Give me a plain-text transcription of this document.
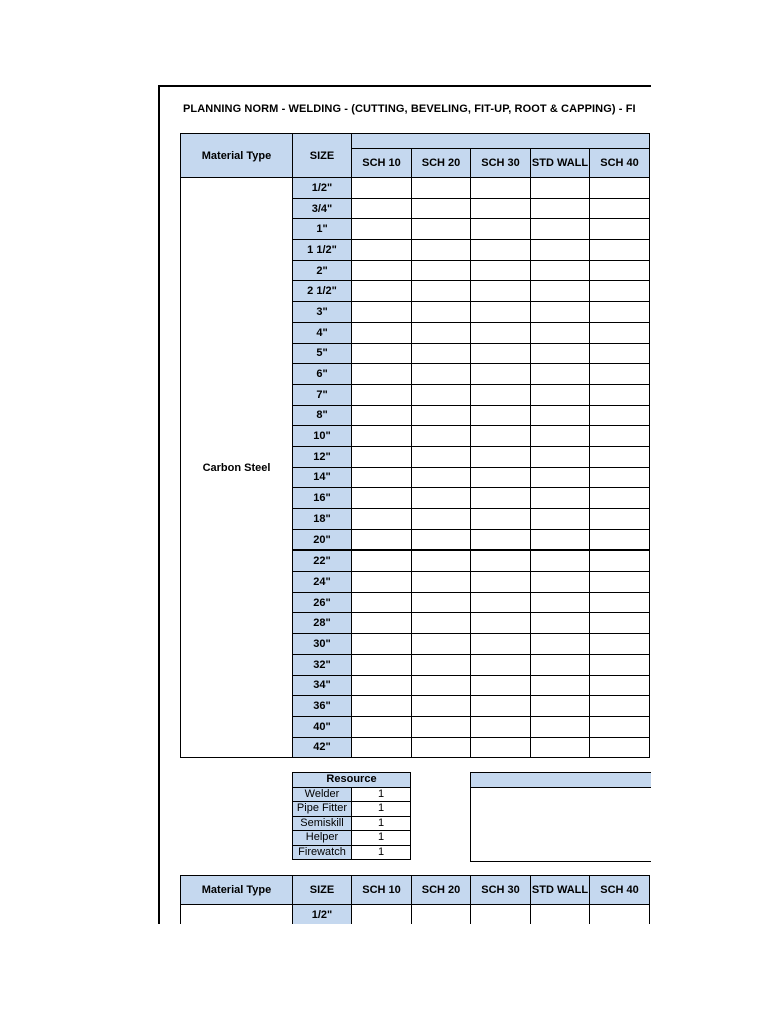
PLANNING NORM - WELDING - (CUTTING, BEVELING, FIT-UP, ROOT & CAPPING) - FI
Material Type	SIZE					
		SCH 10	SCH 20	SCH 30	STD WALL	SCH 40
Carbon Steel	1/2"					
	3/4"					
	1"					
	1 1/2"					
	2"					
	2 1/2"					
	3"					
	4"					
	5"					
	6"					
	7"					
	8"					
	10"					
	12"					
	14"					
	16"					
	18"					
	20"					
	22"					
	24"					
	26"					
	28"					
	30"					
	32"					
	34"					
	36"					
	40"					
	42"					
Resource	
Welder	1
Pipe Fitter	1
Semiskill	1
Helper	1
Firewatch	1
Material Type	SIZE	SCH 10	SCH 20	SCH 30	STD WALL	SCH 40
	1/2"					
